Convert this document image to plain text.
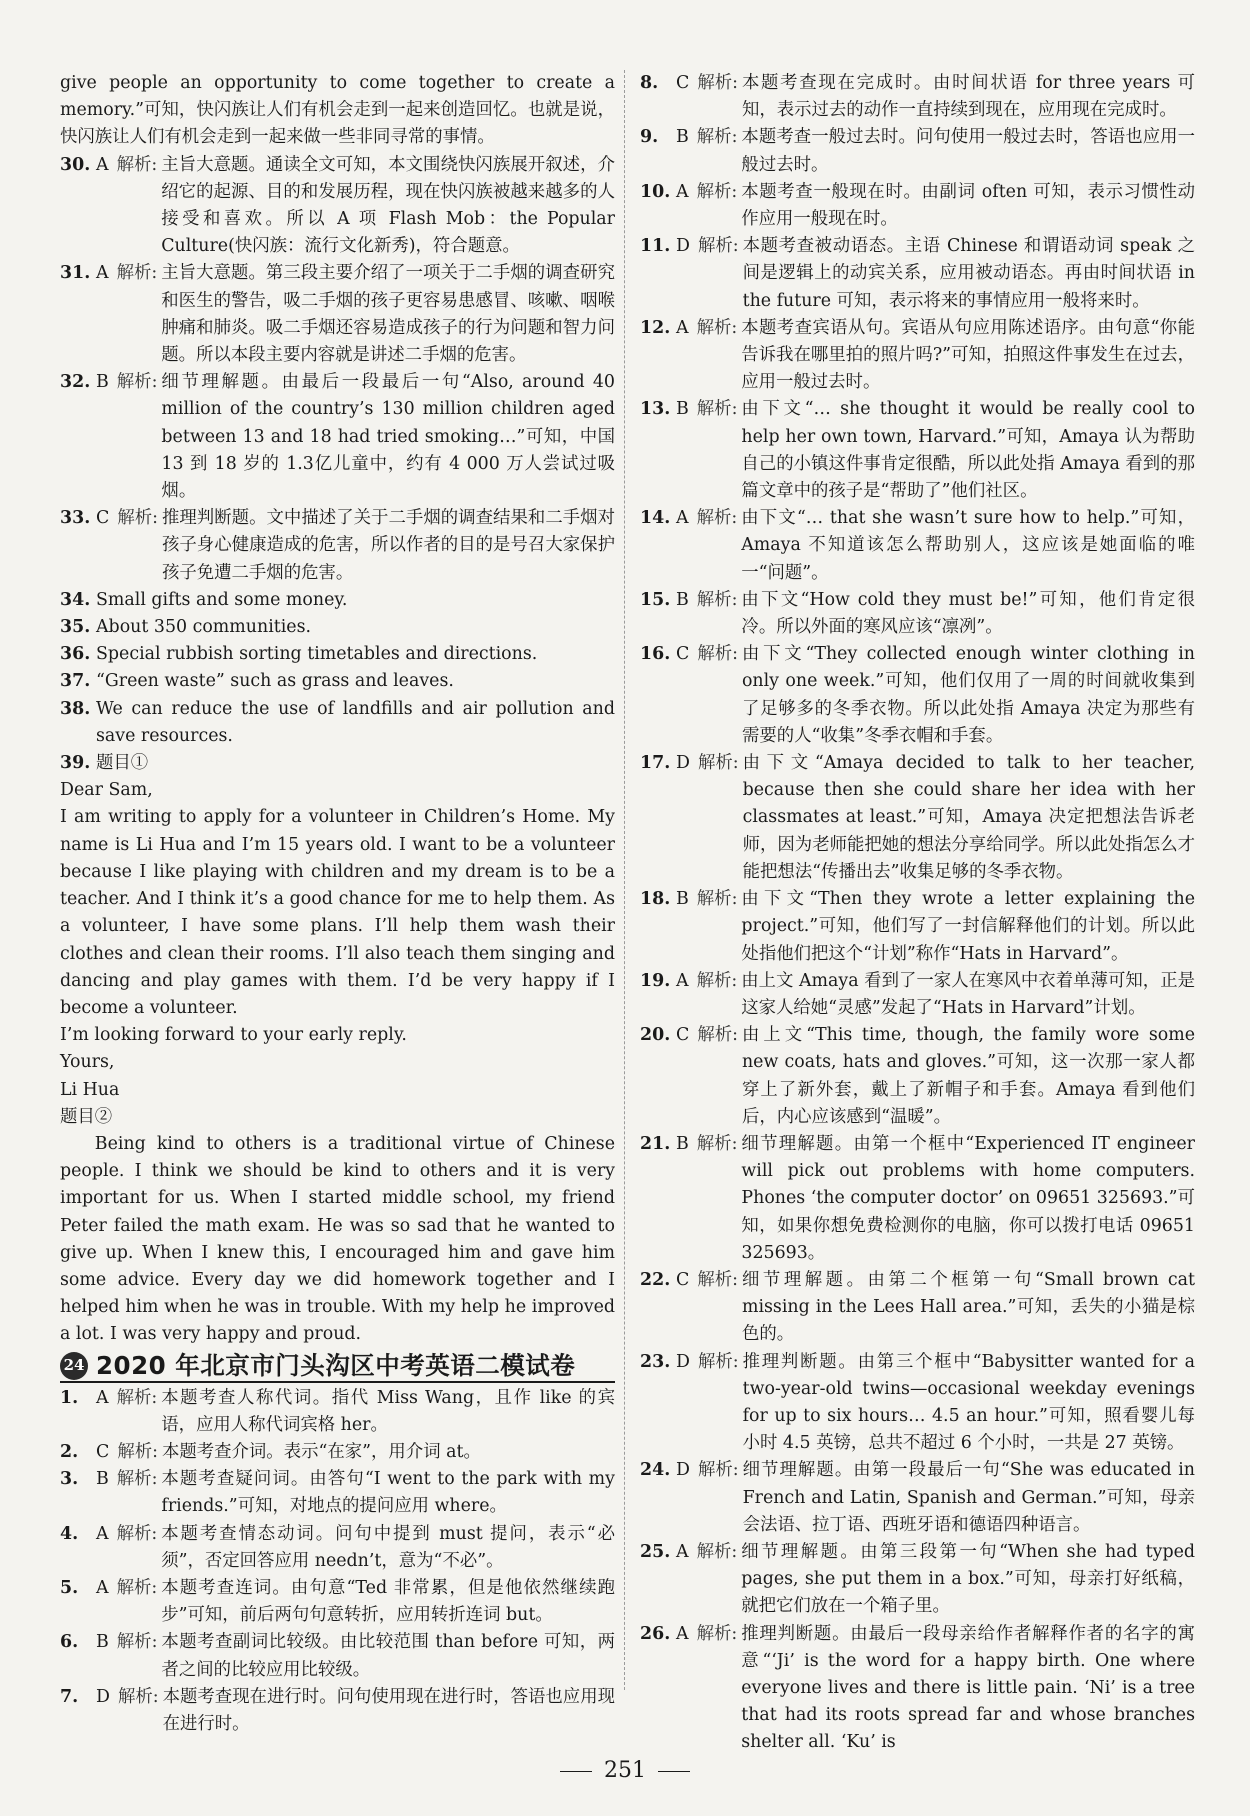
give people an opportunity to come together to create a memory.”可知，快闪族让人们有机会走到一起来创造回忆。也就是说，快闪族让人们有机会走到一起来做一些非同寻常的事情。

30. A 解析: 主旨大意题。通读全文可知，本文围绕快闪族展开叙述，介绍它的起源、目的和发展历程，现在快闪族被越来越多的人接受和喜欢。所以 A 项 Flash Mob：the Popular Culture(快闪族：流行文化新秀)，符合题意。
31. A 解析: 主旨大意题。第三段主要介绍了一项关于二手烟的调查研究和医生的警告，吸二手烟的孩子更容易患感冒、咳嗽、咽喉肿痛和肺炎。吸二手烟还容易造成孩子的行为问题和智力问题。所以本段主要内容就是讲述二手烟的危害。
32. B 解析: 细节理解题。由最后一段最后一句“Also, around 40 million of the country’s 130 million children aged between 13 and 18 had tried smoking…”可知，中国 13 到 18 岁的 1.3亿儿童中，约有 4 000 万人尝试过吸烟。
33. C 解析: 推理判断题。文中描述了关于二手烟的调查结果和二手烟对孩子身心健康造成的危害，所以作者的目的是号召大家保护孩子免遭二手烟的危害。
34. Small gifts and some money.
35. About 350 communities.
36. Special rubbish sorting timetables and directions.
37. “Green waste” such as grass and leaves.
38. We can reduce the use of landfills and air pollution and save resources.
39. 题目①
Dear Sam,

I am writing to apply for a volunteer in Children’s Home. My name is Li Hua and I’m 15 years old. I want to be a volunteer because I like playing with children and my dream is to be a teacher. And I think it’s a good chance for me to help them. As a volunteer, I have some plans. I’ll help them wash their clothes and clean their rooms. I’ll also teach them singing and dancing and play games with them. I’d be very happy if I become a volunteer.

I’m looking forward to your early reply.
Yours,
Li Hua
题目②

Being kind to others is a traditional virtue of Chinese people. I think we should be kind to others and it is very important for us. When I started middle school, my friend Peter failed the math exam. He was so sad that he wanted to give up. When I knew this, I encouraged him and gave him some advice. Every day we did homework together and I helped him when he was in trouble. With my help he improved a lot. I was very happy and proud.

24 2020 年北京市门头沟区中考英语二模试卷
1.	A 解析: 本题考查人称代词。指代 Miss Wang，且作 like 的宾语，应用人称代词宾格 her。
2.	C 解析: 本题考查介词。表示“在家”，用介词 at。
3.	B 解析: 本题考查疑问词。由答句“I went to the park with my friends.”可知，对地点的提问应用 where。
4.	A 解析: 本题考查情态动词。问句中提到 must 提问，表示“必须”，否定回答应用 needn’t，意为“不必”。
5.	A 解析: 本题考查连词。由句意“Ted 非常累，但是他依然继续跑步”可知，前后两句句意转折，应用转折连词 but。
6.	B 解析: 本题考查副词比较级。由比较范围 than before 可知，两者之间的比较应用比较级。
7.	D 解析: 本题考查现在进行时。问句使用现在进行时，答语也应用现在进行时。
8.	C 解析: 本题考查现在完成时。由时间状语 for three years 可知，表示过去的动作一直持续到现在，应用现在完成时。
9.	B 解析: 本题考查一般过去时。问句使用一般过去时，答语也应用一般过去时。
10. A 解析: 本题考查一般现在时。由副词 often 可知，表示习惯性动作应用一般现在时。
11. D 解析: 本题考查被动语态。主语 Chinese 和谓语动词 speak 之间是逻辑上的动宾关系，应用被动语态。再由时间状语 in the future 可知，表示将来的事情应用一般将来时。
12. A 解析: 本题考查宾语从句。宾语从句应用陈述语序。由句意“你能告诉我在哪里拍的照片吗?”可知，拍照这件事发生在过去，应用一般过去时。
13. B 解析: 由下文“… she thought it would be really cool to help her own town, Harvard.”可知，Amaya 认为帮助自己的小镇这件事肯定很酷，所以此处指 Amaya 看到的那篇文章中的孩子是“帮助了”他们社区。
14. A 解析: 由下文“… that she wasn’t sure how to help.”可知，Amaya 不知道该怎么帮助别人，这应该是她面临的唯一“问题”。
15. B 解析: 由下文“How cold they must be!”可知，他们肯定很冷。所以外面的寒风应该“凛冽”。
16. C 解析: 由下文“They collected enough winter clothing in only one week.”可知，他们仅用了一周的时间就收集到了足够多的冬季衣物。所以此处指 Amaya 决定为那些有需要的人“收集”冬季衣帽和手套。
17. D 解析: 由下文“Amaya decided to talk to her teacher, because then she could share her idea with her classmates at least.”可知，Amaya 决定把想法告诉老师，因为老师能把她的想法分享给同学。所以此处指怎么才能把想法“传播出去”收集足够的冬季衣物。
18. B 解析: 由下文“Then they wrote a letter explaining the project.”可知，他们写了一封信解释他们的计划。所以此处指他们把这个“计划”称作“Hats in Harvard”。
19. A 解析: 由上文 Amaya 看到了一家人在寒风中衣着单薄可知，正是这家人给她“灵感”发起了“Hats in Harvard”计划。
20. C 解析: 由上文“This time, though, the family wore some new coats, hats and gloves.”可知，这一次那一家人都穿上了新外套，戴上了新帽子和手套。Amaya 看到他们后，内心应该感到“温暖”。
21. B 解析: 细节理解题。由第一个框中“Experienced IT engineer will pick out problems with home computers. Phones ‘the computer doctor’ on 09651 325693.”可知，如果你想免费检测你的电脑，你可以拨打电话 09651 325693。
22. C 解析: 细节理解题。由第二个框第一句“Small brown cat missing in the Lees Hall area.”可知，丢失的小猫是棕色的。
23. D 解析: 推理判断题。由第三个框中“Babysitter wanted for a two-year-old twins—occasional weekday evenings for up to six hours… 4.5 an hour.”可知，照看婴儿每小时 4.5 英镑，总共不超过 6 个小时，一共是 27 英镑。
24. D 解析: 细节理解题。由第一段最后一句“She was educated in French and Latin, Spanish and German.”可知，母亲会法语、拉丁语、西班牙语和德语四种语言。
25. A 解析: 细节理解题。由第三段第一句“When she had typed pages, she put them in a box.”可知，母亲打好纸稿，就把它们放在一个箱子里。
26. A 解析: 推理判断题。由最后一段母亲给作者解释作者的名字的寓意“‘Ji’ is the word for a happy birth. One where everyone lives and there is little pain. ‘Ni’ is a tree that had its roots spread far and whose branches shelter all. ‘Ku’ is
251
